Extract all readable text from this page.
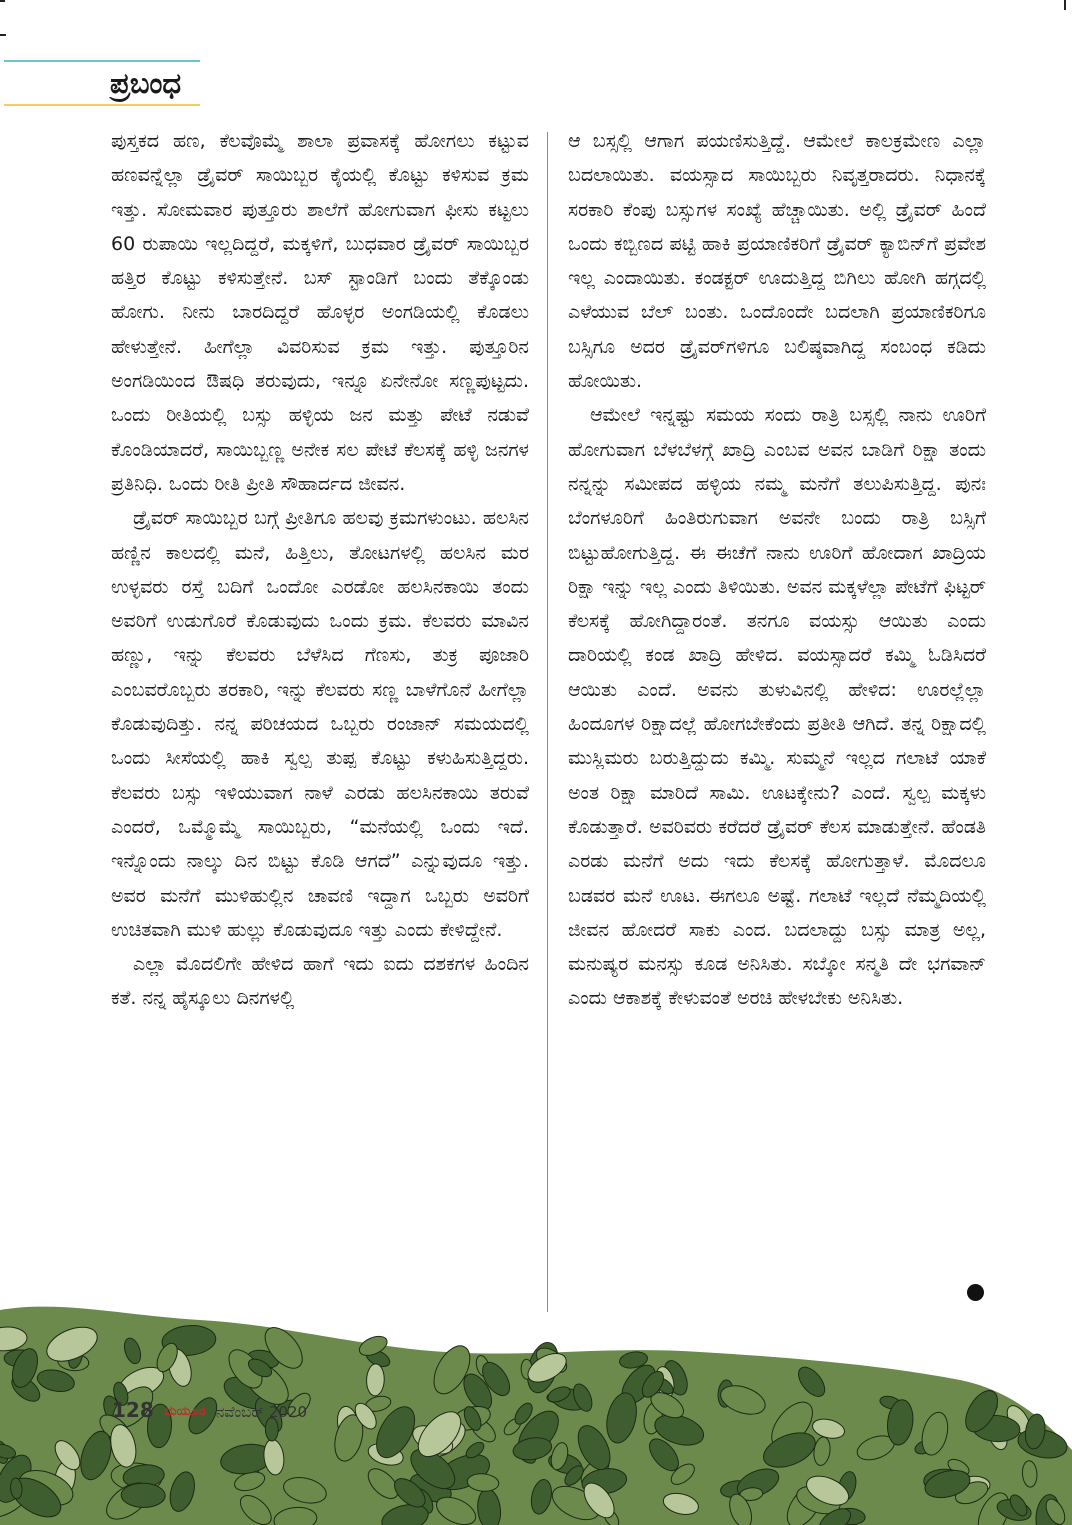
ಪ್ರಬಂಧ

ಪುಸ್ತಕದ ಹಣ, ಕೆಲವೊಮ್ಮೆ ಶಾಲಾ ಪ್ರವಾಸಕ್ಕೆ ಹೋಗಲು ಕಟ್ಟುವ ಹಣವನ್ನೆಲ್ಲಾ ಡ್ರೈವರ್ ಸಾಯಿಬ್ಬರ ಕೈಯಲ್ಲಿ ಕೊಟ್ಟು ಕಳಿಸುವ ಕ್ರಮ ಇತ್ತು. ಸೋಮವಾರ ಪುತ್ತೂರು ಶಾಲೆಗೆ ಹೋಗುವಾಗ ಫೀಸು ಕಟ್ಟಲು 60 ರುಪಾಯಿ ಇಲ್ಲದಿದ್ದರೆ, ಮಕ್ಕಳಿಗೆ, ಬುಧವಾರ ಡ್ರೈವರ್ ಸಾಯಿಬ್ಬರ ಹತ್ತಿರ ಕೊಟ್ಟು ಕಳಿಸುತ್ತೇನೆ. ಬಸ್ ಸ್ಟಾಂಡಿಗೆ ಬಂದು ತೆಕ್ಕೊಂಡು ಹೋಗು. ನೀನು ಬಾರದಿದ್ದರೆ ಹೊಳ್ಳರ ಅಂಗಡಿಯಲ್ಲಿ ಕೊಡಲು ಹೇಳುತ್ತೇನೆ. ಹೀಗೆಲ್ಲಾ ವಿವರಿಸುವ ಕ್ರಮ ಇತ್ತು. ಪುತ್ತೂರಿನ ಅಂಗಡಿಯಿಂದ ಔಷಧಿ ತರುವುದು, ಇನ್ನೂ ಏನೇನೋ ಸಣ್ಣಪುಟ್ಟದು. ಒಂದು ರೀತಿಯಲ್ಲಿ ಬಸ್ಸು ಹಳ್ಳಿಯ ಜನ ಮತ್ತು ಪೇಟೆ ನಡುವೆ ಕೊಂಡಿಯಾದರೆ, ಸಾಯಿಬ್ಬಣ್ಣ ಅನೇಕ ಸಲ ಪೇಟೆ ಕೆಲಸಕ್ಕೆ ಹಳ್ಳಿ ಜನಗಳ ಪ್ರತಿನಿಧಿ. ಒಂದು ರೀತಿ ಪ್ರೀತಿ ಸೌಹಾರ್ದದ ಜೀವನ.

ಡ್ರೈವರ್ ಸಾಯಿಬ್ಬರ ಬಗ್ಗೆ ಪ್ರೀತಿಗೂ ಹಲವು ಕ್ರಮಗಳುಂಟು. ಹಲಸಿನ ಹಣ್ಣಿನ ಕಾಲದಲ್ಲಿ ಮನೆ, ಹಿತ್ತಿಲು, ತೋಟಗಳಲ್ಲಿ ಹಲಸಿನ ಮರ ಉಳ್ಳವರು ರಸ್ತೆ ಬದಿಗೆ ಒಂದೋ ಎರಡೋ ಹಲಸಿನಕಾಯಿ ತಂದು ಅವರಿಗೆ ಉಡುಗೊರೆ ಕೊಡುವುದು ಒಂದು ಕ್ರಮ. ಕೆಲವರು ಮಾವಿನ ಹಣ್ಣು, ಇನ್ನು ಕೆಲವರು ಬೆಳೆಸಿದ ಗೆಣಸು, ತುಕ್ರ ಪೂಜಾರಿ ಎಂಬವರೊಬ್ಬರು ತರಕಾರಿ, ಇನ್ನು ಕೆಲವರು ಸಣ್ಣ ಬಾಳೆಗೊನೆ ಹೀಗೆಲ್ಲಾ ಕೊಡುವುದಿತ್ತು. ನನ್ನ ಪರಿಚಯದ ಒಬ್ಬರು ರಂಜಾನ್ ಸಮಯದಲ್ಲಿ ಒಂದು ಸೀಸೆಯಲ್ಲಿ ಹಾಕಿ ಸ್ವಲ್ಪ ತುಪ್ಪ ಕೊಟ್ಟು ಕಳುಹಿಸುತ್ತಿದ್ದರು. ಕೆಲವರು ಬಸ್ಸು ಇಳಿಯುವಾಗ ನಾಳೆ ಎರಡು ಹಲಸಿನಕಾಯಿ ತರುವೆ ಎಂದರೆ, ಒಮ್ಮೊಮ್ಮೆ ಸಾಯಿಬ್ಬರು, “ಮನೆಯಲ್ಲಿ ಒಂದು ಇದೆ. ಇನ್ನೊಂದು ನಾಲ್ಕು ದಿನ ಬಿಟ್ಟು ಕೊಡಿ ಆಗದೆ” ಎನ್ನುವುದೂ ಇತ್ತು. ಅವರ ಮನೆಗೆ ಮುಳಿಹುಲ್ಲಿನ ಚಾವಣಿ ಇದ್ದಾಗ ಒಬ್ಬರು ಅವರಿಗೆ ಉಚಿತವಾಗಿ ಮುಳಿ ಹುಲ್ಲು ಕೊಡುವುದೂ ಇತ್ತು ಎಂದು ಕೇಳಿದ್ದೇನೆ.

ಎಲ್ಲಾ ಮೊದಲಿಗೇ ಹೇಳಿದ ಹಾಗೆ ಇದು ಐದು ದಶಕಗಳ ಹಿಂದಿನ ಕತೆ. ನನ್ನ ಹೈಸ್ಕೂಲು ದಿನಗಳಲ್ಲಿ

ಆ ಬಸ್ಸಲ್ಲಿ ಆಗಾಗ ಪಯಣಿಸುತ್ತಿದ್ದೆ. ಆಮೇಲೆ ಕಾಲಕ್ರಮೇಣ ಎಲ್ಲಾ ಬದಲಾಯಿತು. ವಯಸ್ಸಾದ ಸಾಯಿಬ್ಬರು ನಿವೃತ್ತರಾದರು. ನಿಧಾನಕ್ಕೆ ಸರಕಾರಿ ಕೆಂಪು ಬಸ್ಸುಗಳ ಸಂಖ್ಯೆ ಹೆಚ್ಚಾಯಿತು. ಅಲ್ಲಿ ಡ್ರೈವರ್ ಹಿಂದೆ ಒಂದು ಕಬ್ಬಿಣದ ಪಟ್ಟಿ ಹಾಕಿ ಪ್ರಯಾಣಿಕರಿಗೆ ಡ್ರೈವರ್ ಕ್ಯಾಬಿನ್‌ಗೆ ಪ್ರವೇಶ ಇಲ್ಲ ಎಂದಾಯಿತು. ಕಂಡಕ್ಟರ್ ಊದುತ್ತಿದ್ದ ಬಿಗಿಲು ಹೋಗಿ ಹಗ್ಗದಲ್ಲಿ ಎಳೆಯುವ ಬೆಲ್ ಬಂತು. ಒಂದೊಂದೇ ಬದಲಾಗಿ ಪ್ರಯಾಣಿಕರಿಗೂ ಬಸ್ಸಿಗೂ ಅದರ ಡ್ರೈವರ್‌ಗಳಿಗೂ ಬಲಿಷ್ಠವಾಗಿದ್ದ ಸಂಬಂಧ ಕಡಿದು ಹೋಯಿತು.

ಆಮೇಲೆ ಇನ್ನಷ್ಟು ಸಮಯ ಸಂದು ರಾತ್ರಿ ಬಸ್ಸಲ್ಲಿ ನಾನು ಊರಿಗೆ ಹೋಗುವಾಗ ಬೆಳಬೆಳಗ್ಗೆ ಖಾದ್ರಿ ಎಂಬವ ಅವನ ಬಾಡಿಗೆ ರಿಕ್ಷಾ ತಂದು ನನ್ನನ್ನು ಸಮೀಪದ ಹಳ್ಳಿಯ ನಮ್ಮ ಮನೆಗೆ ತಲುಪಿಸುತ್ತಿದ್ದ. ಪುನಃ ಬೆಂಗಳೂರಿಗೆ ಹಿಂತಿರುಗುವಾಗ ಅವನೇ ಬಂದು ರಾತ್ರಿ ಬಸ್ಸಿಗೆ ಬಿಟ್ಟುಹೋಗುತ್ತಿದ್ದ. ಈ ಈಚೆಗೆ ನಾನು ಊರಿಗೆ ಹೋದಾಗ ಖಾದ್ರಿಯ ರಿಕ್ಷಾ ಇನ್ನು ಇಲ್ಲ ಎಂದು ತಿಳಿಯಿತು. ಅವನ ಮಕ್ಕಳೆಲ್ಲಾ ಪೇಟೆಗೆ ಫಿಟ್ಟರ್ ಕೆಲಸಕ್ಕೆ ಹೋಗಿದ್ದಾರಂತೆ. ತನಗೂ ವಯಸ್ಸು ಆಯಿತು ಎಂದು ದಾರಿಯಲ್ಲಿ ಕಂಡ ಖಾದ್ರಿ ಹೇಳಿದ. ವಯಸ್ಸಾದರೆ ಕಮ್ಮಿ ಓಡಿಸಿದರೆ ಆಯಿತು ಎಂದೆ. ಅವನು ತುಳುವಿನಲ್ಲಿ ಹೇಳಿದ: ಊರಲ್ಲೆಲ್ಲಾ ಹಿಂದೂಗಳ ರಿಕ್ಷಾದಲ್ಲೆ ಹೋಗಬೇಕೆಂದು ಪ್ರತೀತಿ ಆಗಿದೆ. ತನ್ನ ರಿಕ್ಷಾದಲ್ಲಿ ಮುಸ್ಲಿಮರು ಬರುತ್ತಿದ್ದುದು ಕಮ್ಮಿ. ಸುಮ್ಮನೆ ಇಲ್ಲದ ಗಲಾಟೆ ಯಾಕೆ ಅಂತ ರಿಕ್ಷಾ ಮಾರಿದೆ ಸಾಮಿ. ಊಟಕ್ಕೇನು? ಎಂದೆ. ಸ್ವಲ್ಪ ಮಕ್ಕಳು ಕೊಡುತ್ತಾರೆ. ಅವರಿವರು ಕರೆದರೆ ಡ್ರೈವರ್ ಕೆಲಸ ಮಾಡುತ್ತೇನೆ. ಹೆಂಡತಿ ಎರಡು ಮನೆಗೆ ಅದು ಇದು ಕೆಲಸಕ್ಕೆ ಹೋಗುತ್ತಾಳೆ. ಮೊದಲೂ ಬಡವರ ಮನೆ ಊಟ. ಈಗಲೂ ಅಷ್ಟೆ. ಗಲಾಟೆ ಇಲ್ಲದೆ ನೆಮ್ಮದಿಯಲ್ಲಿ ಜೀವನ ಹೋದರೆ ಸಾಕು ಎಂದ. ಬದಲಾದ್ದು ಬಸ್ಸು ಮಾತ್ರ ಅಲ್ಲ, ಮನುಷ್ಯರ ಮನಸ್ಸು ಕೂಡ ಅನಿಸಿತು. ಸಬ್ಕೋ ಸನ್ಮತಿ ದೇ ಭಗವಾನ್ ಎಂದು ಆಕಾಶಕ್ಕೆ ಕೇಳುವಂತೆ ಅರಚಿ ಹೇಳಬೇಕು ಅನಿಸಿತು.

128 ಮಯೂರ ನವೆಂಬರ್ 2020
